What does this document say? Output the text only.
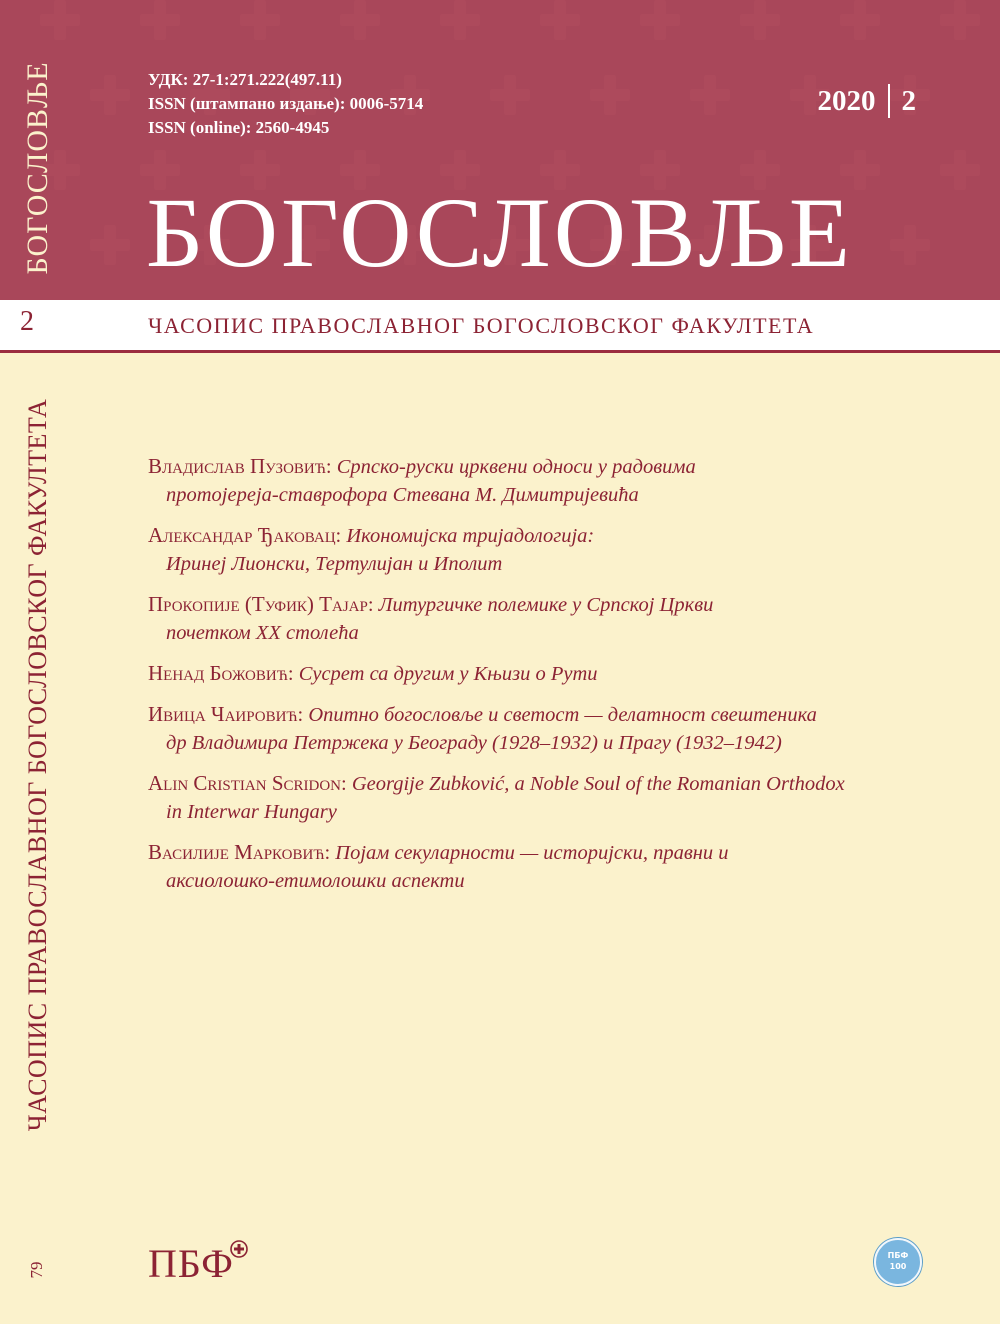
БОГОСЛОВЉЕ	УДК: 27-1:271.222(497.11)
ISSN (штампано издање): 0006-5714
ISSN (online): 2560-4945
2020 2
БОГОСЛОВЉЕ
2	ЧАСОПИС ПРАВОСЛАВНОГ БОГОСЛОВСКОГ ФАКУЛТЕТА
ЧАСОПИС ПРАВОСЛАВНОГ БОГОСЛОВСКОГ ФАКУЛТЕТА
79
Владислав Пузовић: Српско-руски црквени односи у радовима
протојереја-ставрофора Стевана М. Димитријевића
Александар Ђаковац: Икономијска тријадологија:
Иринеј Лионски, Тертулијан и Иполит
Прокопије (Туфик) Тајар: Литургичке полемике у Српској Цркви
почетком XX столећа
Ненад Божовић: Сусрет са другим у Књизи о Рути
Ивица Чаировић: Опитно богословље и светост — делатност свештеника
др Владимира Петржека у Београду (1928–1932) и Прагу (1932–1942)
Alin Cristian Scridon: Georgije Zubković, a Noble Soul of the Romanian Orthodox
in Interwar Hungary
Василије Марковић: Појам секуларности — историјски, правни и
аксиолошко-етимолошки аспекти
ПБФ	ПБФ
100
